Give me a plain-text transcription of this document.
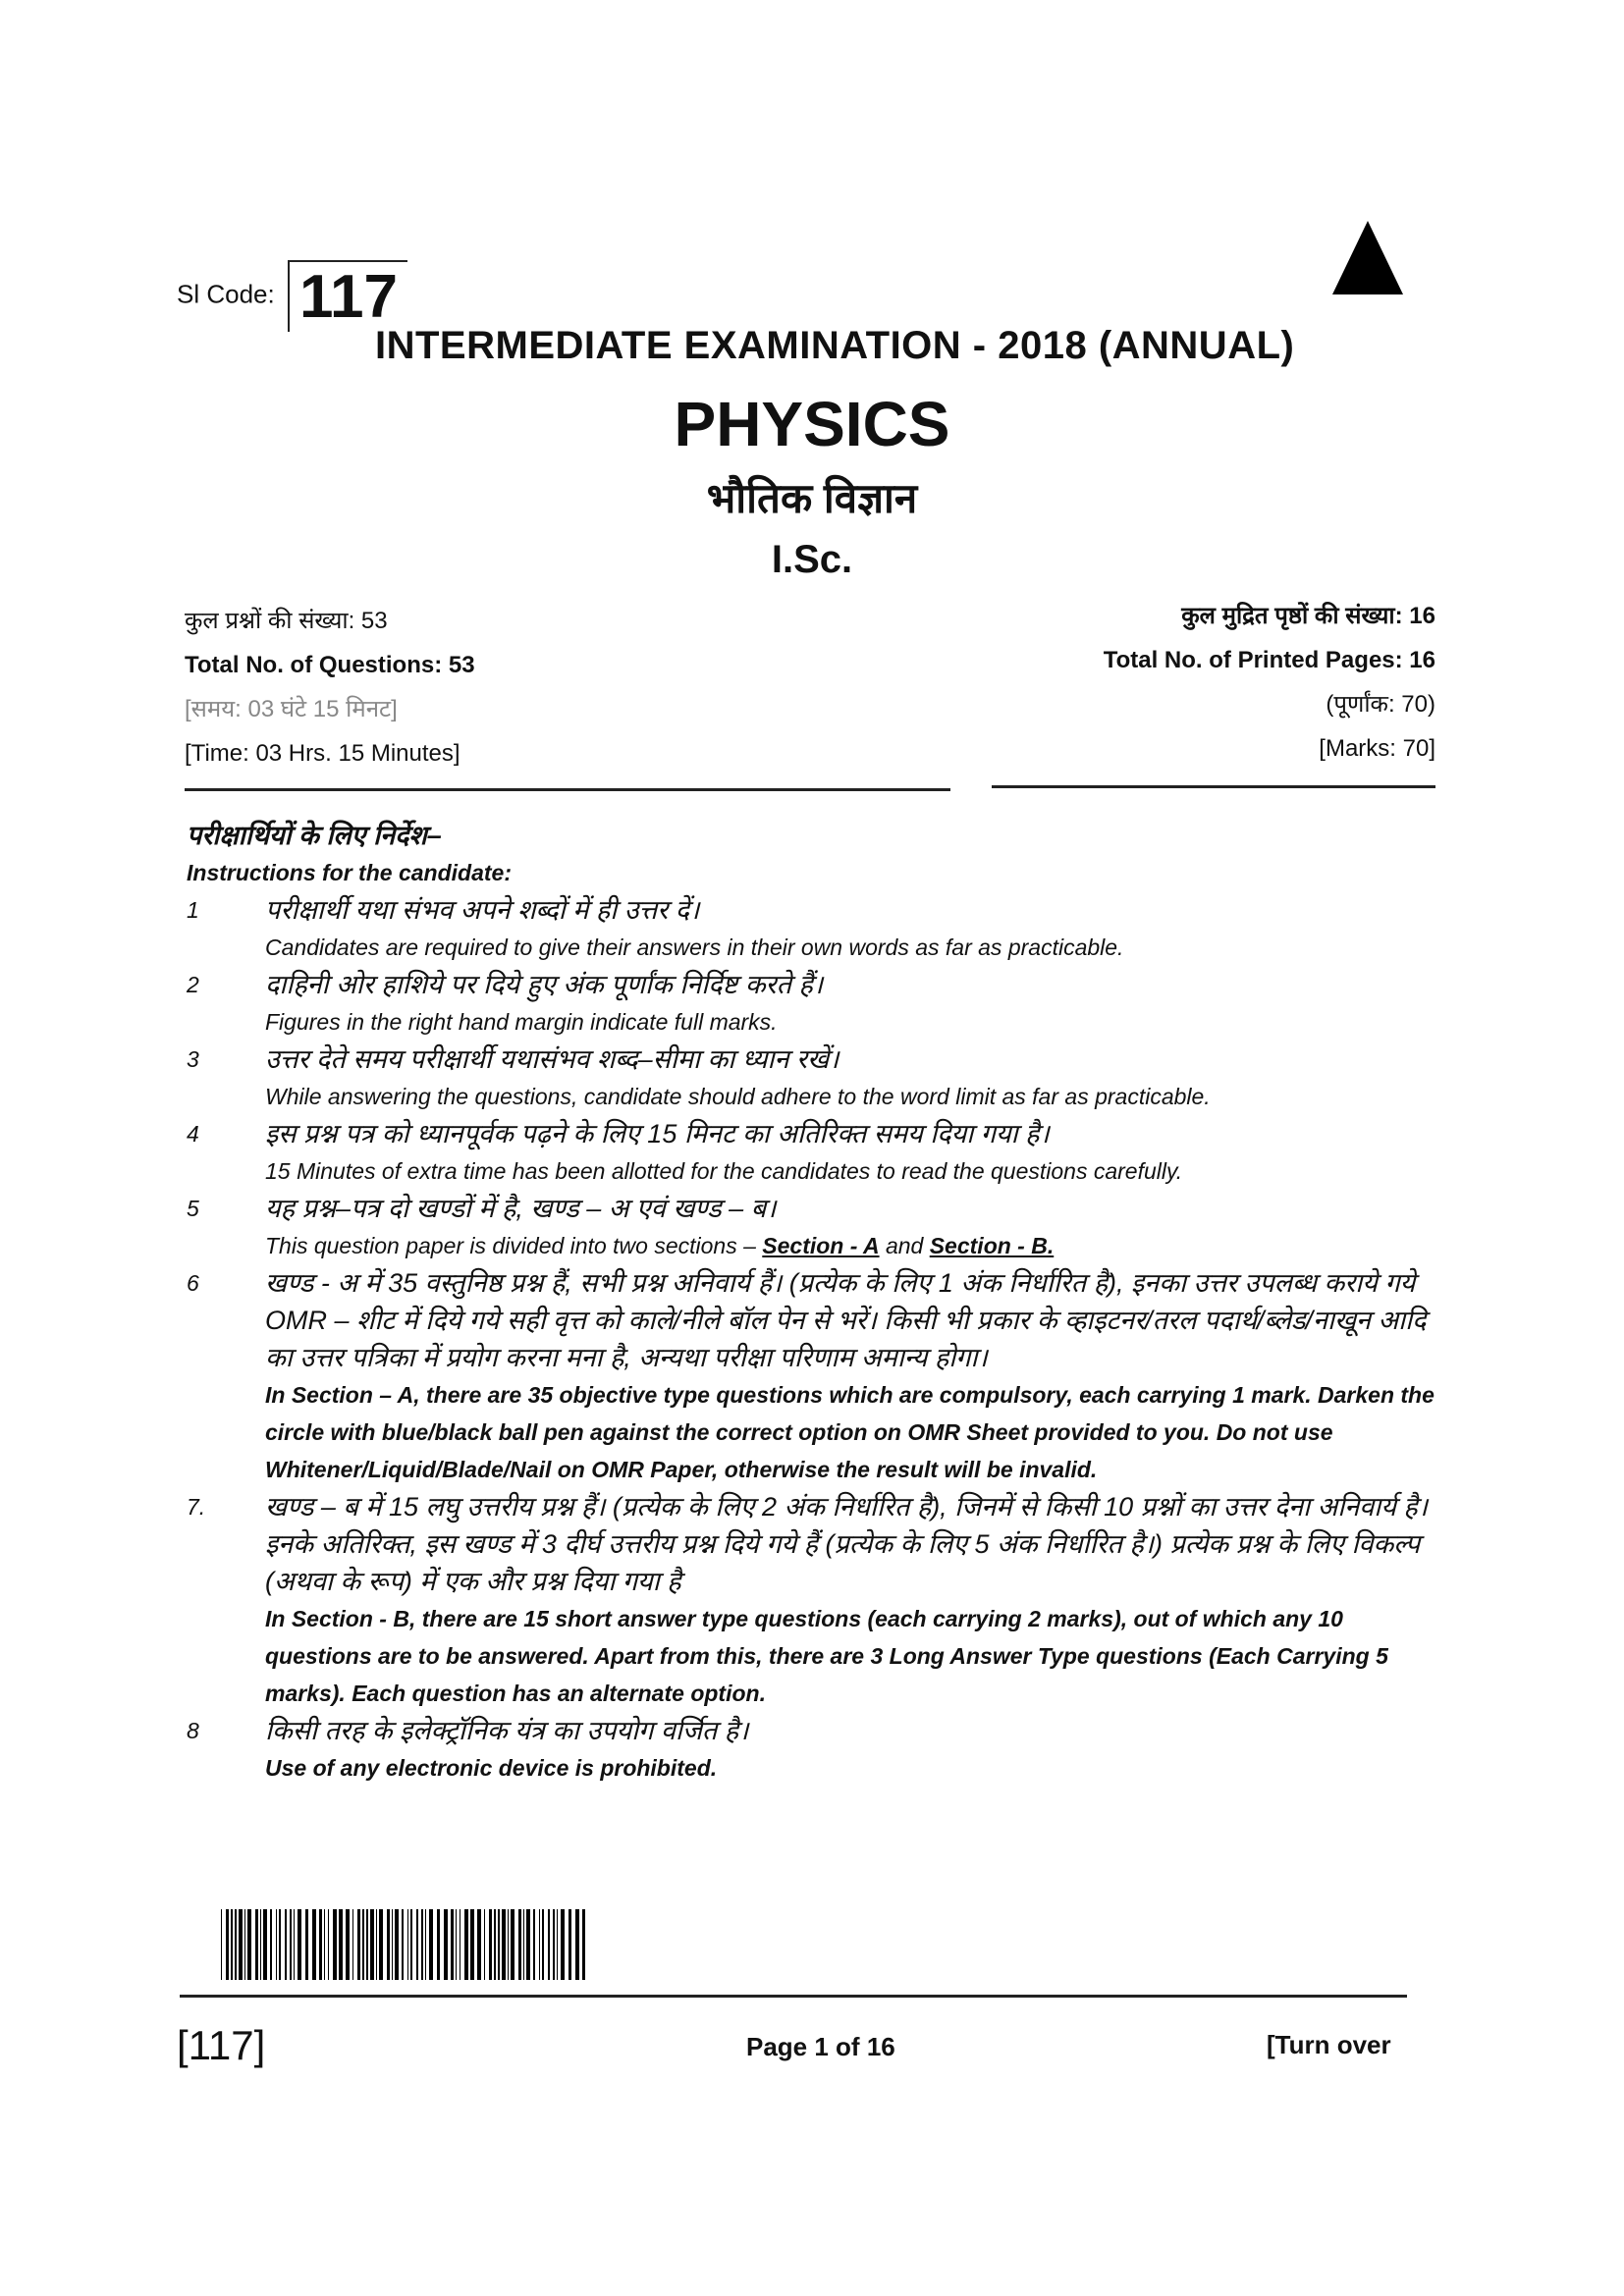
Sl Code: 117
INTERMEDIATE EXAMINATION - 2018 (ANNUAL)
PHYSICS
भौतिक विज्ञान
I.Sc.
कुल प्रश्नों की संख्या: 53
Total No. of Questions: 53
[समय: 03 घंटे 15 मिनट]
[Time: 03 Hrs. 15 Minutes]
कुल मुद्रित पृष्ठों की संख्या: 16
Total No. of Printed Pages: 16
(पूर्णांक: 70)
[Marks: 70]
परीक्षार्थियों के लिए निर्देश–
Instructions for the candidate:
1	परीक्षार्थी यथा संभव अपने शब्दों में ही उत्तर दें।
Candidates are required to give their answers in their own words as far as practicable.
2	दाहिनी ओर हाशिये पर दिये हुए अंक पूर्णांक निर्दिष्ट करते हैं।
Figures in the right hand margin indicate full marks.
3	उत्तर देते समय परीक्षार्थी यथासंभव शब्द–सीमा का ध्यान रखें।
While answering the questions, candidate should adhere to the word limit as far as practicable.
4	इस प्रश्न पत्र को ध्यानपूर्वक पढ़ने के लिए 15 मिनट का अतिरिक्त समय दिया गया है।
15 Minutes of extra time has been allotted for the candidates to read the questions carefully.
5	यह प्रश्न–पत्र दो खण्डों में है, खण्ड – अ एवं खण्ड – ब।
This question paper is divided into two sections – Section - A and Section - B.
6	खण्ड - अ में 35 वस्तुनिष्ठ प्रश्न हैं, सभी प्रश्न अनिवार्य हैं। (प्रत्येक के लिए 1 अंक निर्धारित है), इनका उत्तर उपलब्ध कराये गये OMR – शीट में दिये गये सही वृत्त को काले/नीले बॉल पेन से भरें। किसी भी प्रकार के व्हाइटनर/तरल पदार्थ/ब्लेड/नाखून आदि का उत्तर पत्रिका में प्रयोग करना मना है, अन्यथा परीक्षा परिणाम अमान्य होगा।
In Section – A, there are 35 objective type questions which are compulsory, each carrying 1 mark. Darken the circle with blue/black ball pen against the correct option on OMR Sheet provided to you. Do not use Whitener/Liquid/Blade/Nail on OMR Paper, otherwise the result will be invalid.
7.	खण्ड – ब में 15 लघु उत्तरीय प्रश्न हैं। (प्रत्येक के लिए 2 अंक निर्धारित है), जिनमें से किसी 10 प्रश्नों का उत्तर देना अनिवार्य है। इनके अतिरिक्त, इस खण्ड में 3 दीर्घ उत्तरीय प्रश्न दिये गये हैं (प्रत्येक के लिए 5 अंक निर्धारित है।) प्रत्येक प्रश्न के लिए विकल्प (अथवा के रूप) में एक और प्रश्न दिया गया है
In Section - B, there are 15 short answer type questions (each carrying 2 marks), out of which any 10 questions are to be answered. Apart from this, there are 3 Long Answer Type questions (Each Carrying 5 marks). Each question has an alternate option.
8	किसी तरह के इलेक्ट्रॉनिक यंत्र का उपयोग वर्जित है।
Use of any electronic device is prohibited.
[117]	Page 1 of 16	[Turn over
